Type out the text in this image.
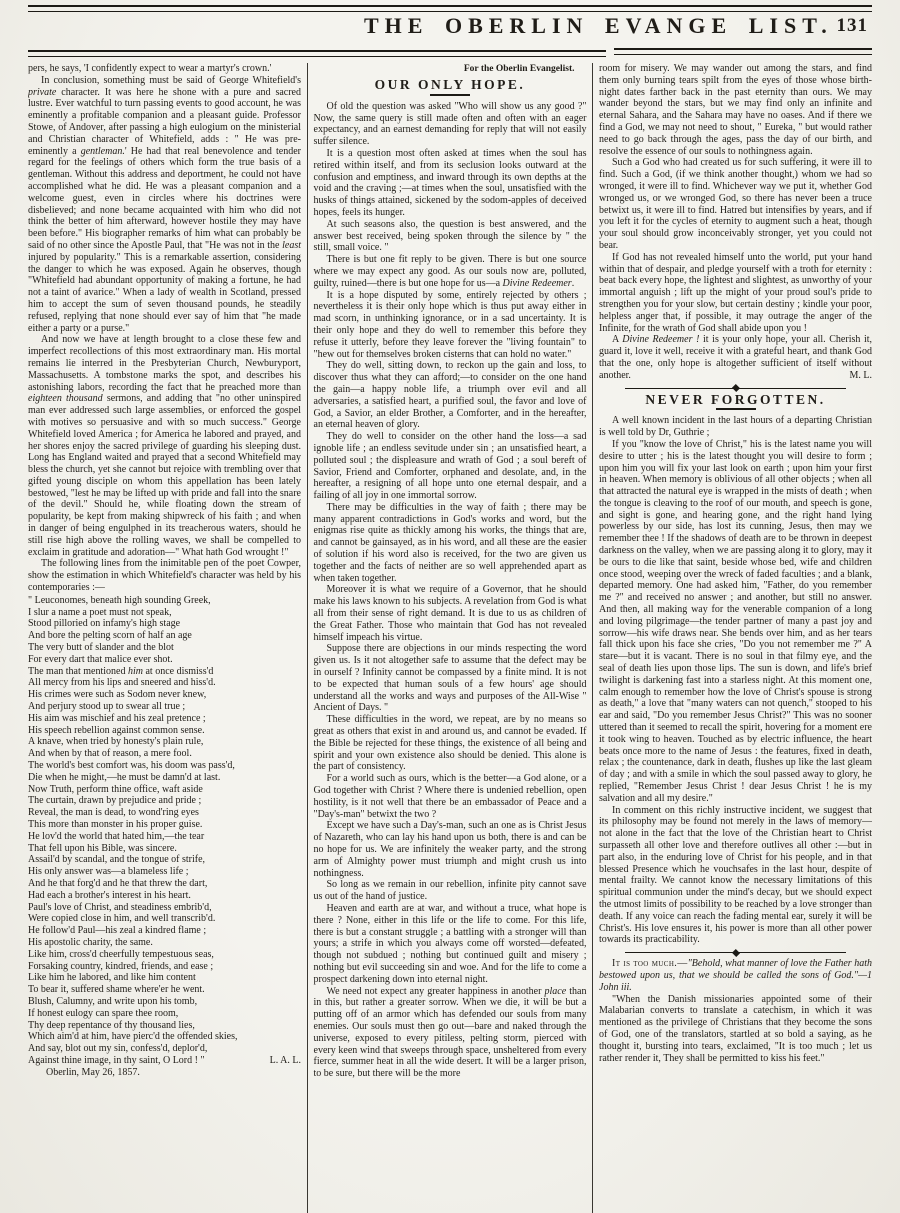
THE OBERLIN EVANGE LIST. 131

pers, he says, 'I confidently expect to wear a martyr's crown.'

In conclusion, something must be said of George Whitefield's private character. It was here he shone with a pure and sacred lustre. Ever watchful to turn passing events to good account, he was eminently a profitable companion and a pleasant guide. Professor Stowe, of Andover, after passing a high eulogium on the ministerial and Christian character of Whitefield, adds : " He was pre-eminently a gentleman.' He had that real benevolence and tender regard for the feelings of others which form the true basis of a gentleman. Without this address and deportment, he could not have accomplished what he did. He was a pleasant companion and a welcome guest, even in circles where his doctrines were disbelieved; and none became acquainted with him who did not think the better of him afterward, however hostile they may have been before." His biographer remarks of him what can probably be said of no other since the Apostle Paul, that "He was not in the least injured by popularity." This is a remarkable assertion, considering the danger to which he was exposed. Again he observes, though "Whitefield had abundant opportunity of making a fortune, he had not a taint of avarice." When a lady of wealth in Scotland, pressed him to accept the sum of seven thousand pounds, he steadily refused, replying that none should ever say of him that "he made either a party or a purse."

And now we have at length brought to a close these few and imperfect recollections of this most extraordinary man. His mortal remains lie interred in the Presbyterian Church, Newburyport, Massachusetts. A tombstone marks the spot, and describes his astonishing labors, recording the fact that he preached more than eighteen thousand sermons, and adding that "no other uninspired man ever addressed such large assemblies, or enforced the gospel with motives so persuasive and with so much success." George Whitefield loved America ; for America he labored and prayed, and her shores enjoy the sacred privilege of guarding his sleeping dust. Long has England waited and prayed that a second Whitefield may bless the church, yet she cannot but rejoice with trembling over that gifted young disciple on whom this appellation has been lately bestowed, "lest he may be lifted up with pride and fall into the snare of the devil." Should he, while floating down the stream of popularity, be kept from making shipwreck of his faith ; and when in danger of being engulphed in its treacherous waters, should he still rise high above the rolling waves, we shall be compelled to exclaim in gratitude and adoration—" What hath God wrought !"

The following lines from the inimitable pen of the poet Cowper, show the estimation in which Whitefield's character was held by his contemporaries :—

" Leuconomes, beneath high sounding Greek,
I slur a name a poet must not speak,
Stood pilloried on infamy's high stage
And bore the pelting scorn of half an age
The very butt of slander and the blot
For every dart that malice ever shot.
The man that mentioned him at once dismiss'd
All mercy from his lips and sneered and hiss'd.
His crimes were such as Sodom never knew,
And perjury stood up to swear all true ;
His aim was mischief and his zeal pretence ;
His speech rebellion against common sense.
A knave, when tried by honesty's plain rule,
And when by that of reason, a mere fool.
The world's best comfort was, his doom was pass'd,
Die when he might,—he must be damn'd at last.
Now Truth, perform thine office, waft aside
The curtain, drawn by prejudice and pride ;
Reveal, the man is dead, to wond'ring eyes
This more than monster in his proper guise.
He lov'd the world that hated him,—the tear
That fell upon his Bible, was sincere.
Assail'd by scandal, and the tongue of strife,
His only answer was—a blameless life ;
And he that forg'd and he that threw the dart,
Had each a brother's interest in his heart.
Paul's love of Christ, and steadiness embrib'd,
Were copied close in him, and well transcrib'd.
He follow'd Paul—his zeal a kindred flame ;
His apostolic charity, the same.
Like him, cross'd cheerfully tempestuous seas,
Forsaking country, kindred, friends, and ease ;
Like him he labored, and like him content
To bear it, suffered shame where'er he went.
Blush, Calumny, and write upon his tomb,
If honest eulogy can spare thee room,
Thy deep repentance of thy thousand lies,
Which aim'd at him, have pierc'd the offended skies,
And say, blot out my sin, confess'd, deplor'd,
Against thine image, in thy saint, O Lord ! "	L. A. L.

Oberlin, May 26, 1857.

For the Oberlin Evangelist.
OUR ONLY HOPE.

Of old the question was asked "Who will show us any good ?" Now, the same query is still made often and often with an eager expectancy, and an earnest demanding for reply that will not easily suffer silence.

It is a question most often asked at times when the soul has retired within itself, and from its seclusion looks outward at the confusion and emptiness, and inward through its own depths at the void and the craving ;—at times when the soul, unsatisfied with the husks of things attained, sickened by the sodom-apples of deceived hopes, feels its hunger.

At such seasons also, the question is best answered, and the answer best received, being spoken through the silence by " the still, small voice. "

There is but one fit reply to be given. There is but one source where we may expect any good. As our souls now are, polluted, guilty, ruined—there is but one hope for us—a Divine Redeemer.

It is a hope disputed by some, entirely rejected by others ; nevertheless it is their only hope which is thus put away either in mad scorn, in unthinking ignorance, or in a sad uncertainty. It is their only hope and they do well to remember this before they refuse it utterly, before they leave forever the "living fountain" to "hew out for themselves broken cisterns that can hold no water."

They do well, sitting down, to reckon up the gain and loss, to discover thus what they can afford;—to consider on the one hand the gain—a happy noble life, a triumph over evil and all adversaries, a satisfied heart, a purified soul, the favor and love of God, a Savior, an elder Brother, a Comforter, and in the hereafter, an eternal heaven of glory.

They do well to consider on the other hand the loss—a sad ignoble life ; an endless sevitude under sin ; an unsatisfied heart, a polluted soul ; the displeasure and wrath of God ; a soul bereft of Savior, Friend and Comforter, orphaned and desolate, and, in the hereafter, a resigning of all hope unto one eternal despair, and a failing of all joy in one immortal sorrow.

There may be difficulties in the way of faith ; there may be many apparent contradictions in God's works and word, but the enigmas rise quite as thickly among his works, the things that are, and cannot be gainsayed, as in his word, and all these are the easier of solution if his word also is received, for the two are given us together and the facts of neither are so well apprehended apart as when taken together.

Moreover it is what we require of a Governor, that he should make his laws known to his subjects. A revelation from God is what all from their sense of right demand. It is due to us as children of the Great Father. Those who maintain that God has not revealed himself impeach his virtue.

Suppose there are objections in our minds respecting the word given us. Is it not altogether safe to assume that the defect may be in ourself ? Infinity cannot be compassed by a finite mind. It is not to be expected that human souls of a few hours' age should understand all the works and ways and purposes of the All-Wise " Ancient of Days. "

These difficulties in the word, we repeat, are by no means so great as others that exist in and around us, and cannot be evaded. If the Bible be rejected for these things, the existence of all being and spirit and your own existence also should be denied. This alone is the part of consistency.

For a world such as ours, which is the better—a God alone, or a God together with Christ ? Where there is undenied rebellion, open hostility, is it not well that there be an embassador of Peace and a "Day's-man" betwixt the two ?

Except we have such a Day's-man, such an one as is Christ Jesus of Nazareth, who can lay his hand upon us both, there is and can be no hope for us. We are infinitely the weaker party, and the strong arm of Almighty power must triumph and might crush us into nothingness.

So long as we remain in our rebellion, infinite pity cannot save us out of the hand of justice.

Heaven and earth are at war, and without a truce, what hope is there ? None, either in this life or the life to come. For this life, there is but a constant struggle ; a battling with a stronger will than yours; a strife in which you always come off worsted—defeated, though not subdued ; nothing but continued guilt and misery ; nothing but evil succeeding sin and woe. And for the life to come a prospect darkening down into eternal night.

We need not expect any greater happiness in another place than in this, but rather a greater sorrow. When we die, it will be but a putting off of an armor which has defended our souls from many enemies. Our souls must then go out—bare and naked through the universe, exposed to every pitiless, pelting storm, pierced with every keen wind that sweeps through space, unsheltered from every fierce, summer heat in all the wide desert. It will be a larger prison, to be sure, but there will be the more

room for misery. We may wander out among the stars, and find them only burning tears spilt from the eyes of those whose birth-night dates farther back in the past eternity than ours. We may wander beyond the stars, but we may find only an infinite and eternal Sahara, and the Sahara may have no oases. And if there we find a God, we may not need to shout, " Eureka, " but would rather need to go back through the ages, pass the day of our birth, and resolve the essence of our souls to nothingness again.

Such a God who had created us for such suffering, it were ill to find. Such a God, (if we think another thought,) whom we had so wronged, it were ill to find. Whichever way we put it, whether God wronged us, or we wronged God, so there has never been a truce betwixt us, it were ill to find. Hatred but intensifies by years, and if you left it for the cycles of eternity to augment such a heat, though your soul should grow inconceivably stronger, yet you could not bear.

If God has not revealed himself unto the world, put your hand within that of despair, and pledge yourself with a troth for eternity : beat back every hope, the lightest and slightest, as unworthy of your immortal anguish ; lift up the might of your proud soul's pride to strengthen you for your slow, but certain destiny ; kindle your poor, helpless anger that, if possible, it may outrage the anger of the Infinite, for the wrath of God shall abide upon you !

A Divine Redeemer ! it is your only hope, your all. Cherish it, guard it, love it well, receive it with a grateful heart, and thank God that the one, only hope is altogether sufficient of itself without another.	M. L.

NEVER FORGOTTEN.

A well known incident in the last hours of a departing Christian is well told by Dr, Guthrie ;

If you "know the love of Christ," his is the latest name you will desire to utter ; his is the latest thought you will desire to form ; upon him you will fix your last look on earth ; upon him your first in heaven. When memory is oblivious of all other objects ; when all that attracted the natural eye is wrapped in the mists of death ; when the tongue is cleaving to the roof of our mouth, and speech is gone, and sight is gone, and hearing gone, and the right hand lying powerless by our side, has lost its cunning, Jesus, then may we remember thee ! If the shadows of death are to be thrown in deepest darkness on the valley, when we are passing along it to glory, may it be ours to die like that saint, beside whose bed, wife and children once stood, weeping over the wreck of faded faculties ; and a blank, departed memory. One had asked him, "Father, do you remember me ?" and received no answer ; and another, but still no answer. And then, all making way for the venerable companion of a long and loving pilgrimage—the tender partner of many a past joy and sorrow—his wife draws near. She bends over him, and as her tears fall thick upon his face she cries, "Do you not remember me ?" A stare—but it is vacant. There is no soul in that filmy eye, and the seal of death lies upon those lips. The sun is down, and life's brief twilight is darkening fast into a starless night. At this moment one, calm enough to remember how the love of Christ's spouse is strong as death," a love that "many waters can not quench,'' stooped to his ear and said, "Do you remember Jesus Christ?" This was no sooner uttered than it seemed to recall the spirit, hovering for a moment ere it took wing to heaven. Touched as by electric influence, the heart beats once more to the name of Jesus : the features, fixed in death, relax ; the countenance, dark in death, flushes up like the last gleam of day ; and with a smile in which the soul passed away to glory, he replied, "Remember Jesus Christ ! dear Jesus Christ ! he is my salvation and all my desire."

In comment on this richly instructive incident, we suggest that its philosophy may be found not merely in the laws of memory—not alone in the fact that the love of the Christian heart to Christ surpasseth all other love and therefore outlives all other :—but in part also, in the enduring love of Christ for his people, and in that blessed Presence which he vouchsafes in the last hour, despite of mental frailty. We cannot know the necessary limitations of this spiritual communion under the mind's decay, but we should expect the utmost limits of possibility to be reached by a love stronger than death. If any voice can reach the fading mental ear, surely it will be Christ's. His love ensures it, his power is more than all other power towards its practicability.

It is too much.—"Behold, what manner of love the Father hath bestowed upon us, that we should be called the sons of God."—1 John iii.

"When the Danish missionaries appointed some of their Malabarian converts to translate a catechism, in which it was mentioned as the privilege of Christians that they become the sons of God, one of the translators, startled at so bold a saying, as he thought it, bursting into tears, exclaimed, "It is too much ; let us rather render it, They shall be permitted to kiss his feet."
